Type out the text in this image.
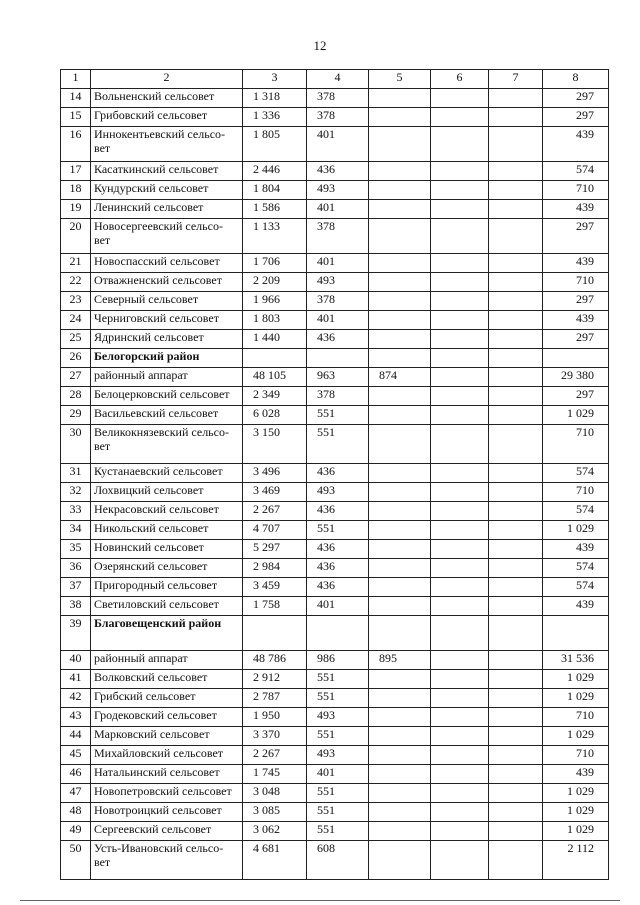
12
1	2	3	4	5	6	7	8
14	Вольненский сельсовет	1 318	378				297
15	Грибовский сельсовет	1 336	378				297
16	Иннокентьевский сельсо-вет	1 805	401				439
17	Касаткинский сельсовет	2 446	436				574
18	Кундурский сельсовет	1 804	493				710
19	Ленинский сельсовет	1 586	401				439
20	Новосергеевский сельсо-вет	1 133	378				297
21	Новоспасский сельсовет	1 706	401				439
22	Отважненский сельсовет	2 209	493				710
23	Северный сельсовет	1 966	378				297
24	Черниговский сельсовет	1 803	401				439
25	Ядринский сельсовет	1 440	436				297
26	Белогорский район						
27	районный аппарат	48 105	963	874			29 380
28	Белоцерковский сельсовет	2 349	378				297
29	Васильевский сельсовет	6 028	551				1 029
30	Великокнязевский сельсо-вет	3 150	551				710
31	Кустанаевский сельсовет	3 496	436				574
32	Лохвицкий сельсовет	3 469	493				710
33	Некрасовский сельсовет	2 267	436				574
34	Никольский сельсовет	4 707	551				1 029
35	Новинский сельсовет	5 297	436				439
36	Озерянский сельсовет	2 984	436				574
37	Пригородный сельсовет	3 459	436				574
38	Светиловский сельсовет	1 758	401				439
39	Благовещенский район						
40	районный аппарат	48 786	986	895			31 536
41	Волковский сельсовет	2 912	551				1 029
42	Грибский сельсовет	2 787	551				1 029
43	Гродековский сельсовет	1 950	493				710
44	Марковский сельсовет	3 370	551				1 029
45	Михайловский сельсовет	2 267	493				710
46	Натальинский сельсовет	1 745	401				439
47	Новопетровский сельсовет	3 048	551				1 029
48	Новотроицкий сельсовет	3 085	551				1 029
49	Сергеевский сельсовет	3 062	551				1 029
50	Усть-Ивановский сельсо-вет	4 681	608				2 112
